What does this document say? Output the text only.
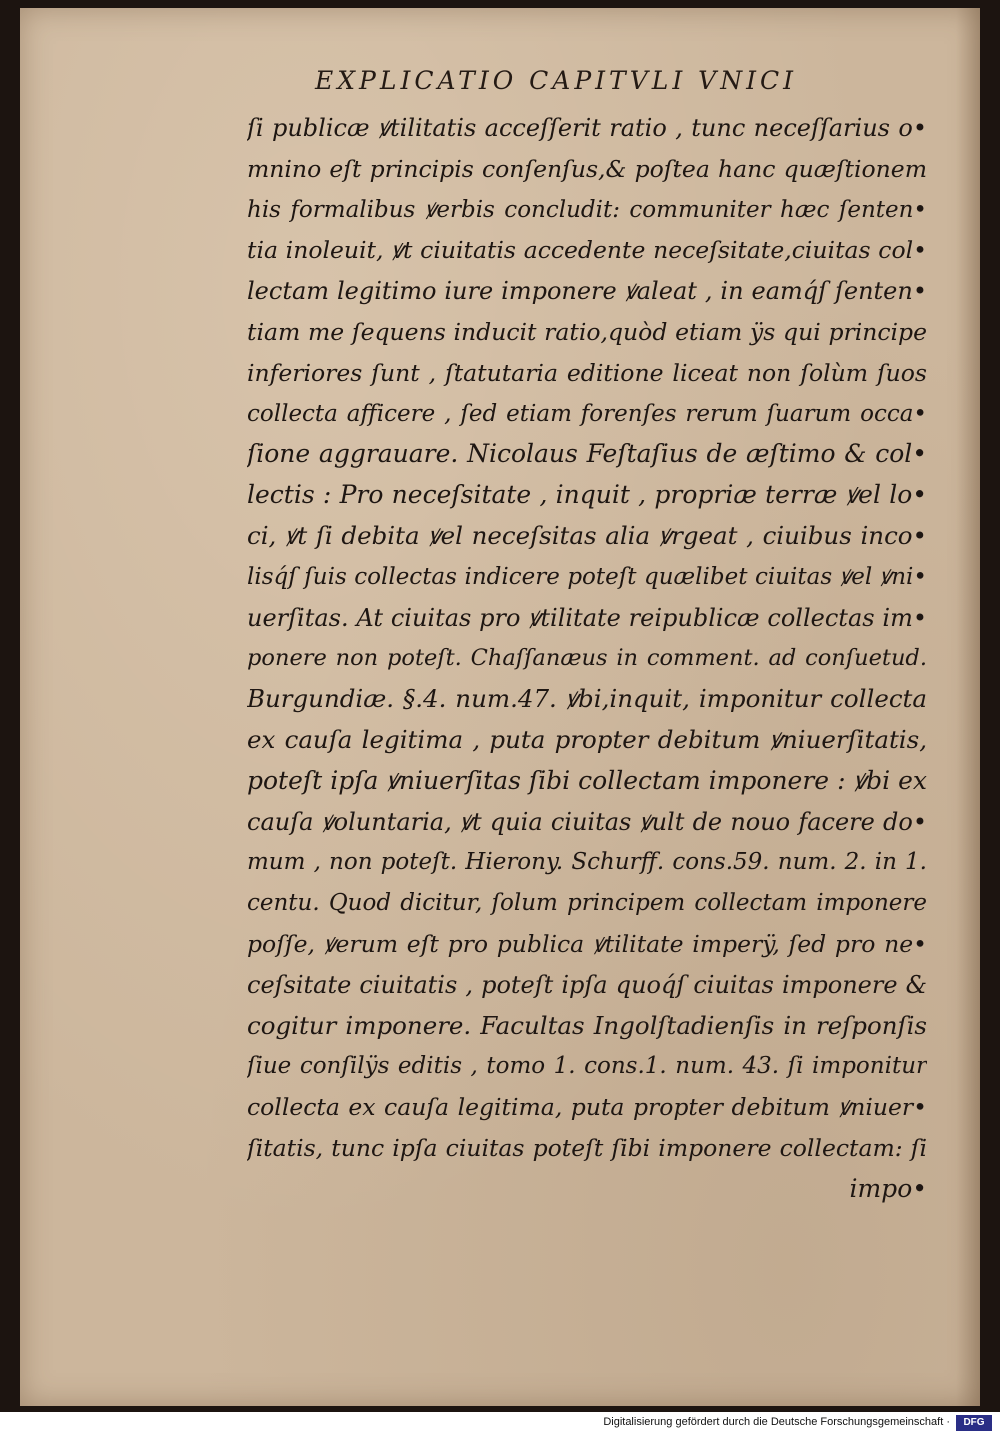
EXPLICATIO CAPITVLI VNICI
ſi publicæ ꝟtilitatis acceſſerit ratio , tunc neceſſarius o•
mnino eſt principis conſenſus,& poſtea hanc quæſtionem
his formalibus ꝟerbis concludit: communiter hæc ſenten•
tia inoleuit, ꝟt ciuitatis accedente neceſsitate,ciuitas col•
lectam legitimo iure imponere ꝟaleat , in eamq́ſ ſenten•
tiam me ſequens inducit ratio,quòd etiam ÿs qui principe
inferiores ſunt , ſtatutaria editione liceat non ſolùm ſuos
collecta afficere , ſed etiam forenſes rerum ſuarum occa•
ſione aggrauare. Nicolaus Feſtaſius de æſtimo & col•
lectis : Pro neceſsitate , inquit , propriæ terræ ꝟel lo•
ci, ꝟt ſi debita ꝟel neceſsitas alia ꝟrgeat , ciuibus inco•
lisq́ſ ſuis collectas indicere poteſt quælibet ciuitas ꝟel ꝟni•
uerſitas. At ciuitas pro ꝟtilitate reipublicæ collectas im•
ponere non poteſt. Chaſſanæus in comment. ad conſuetud.
Burgundiæ. §.4. num.47. ꝟbi,inquit, imponitur collecta
ex cauſa legitima , puta propter debitum ꝟniuerſitatis,
poteſt ipſa ꝟniuerſitas ſibi collectam imponere : ꝟbi ex
cauſa ꝟoluntaria, ꝟt quia ciuitas ꝟult de nouo facere do•
mum , non poteſt. Hierony. Schurff. cons.59. num. 2. in 1.
centu. Quod dicitur, ſolum principem collectam imponere
poſſe, ꝟerum eſt pro publica ꝟtilitate imperÿ, ſed pro ne•
ceſsitate ciuitatis , poteſt ipſa quoq́ſ ciuitas imponere &
cogitur imponere. Facultas Ingolſtadienſis in reſponſis
ſiue conſilÿs editis , tomo 1. cons.1. num. 43. ſi imponitur
collecta ex cauſa legitima, puta propter debitum ꝟniuer•
ſitatis, tunc ipſa ciuitas poteſt ſibi imponere collectam: ſi
impo•
Digitalisierung gefördert durch die Deutsche Forschungsgemeinschaft ·	DFG
